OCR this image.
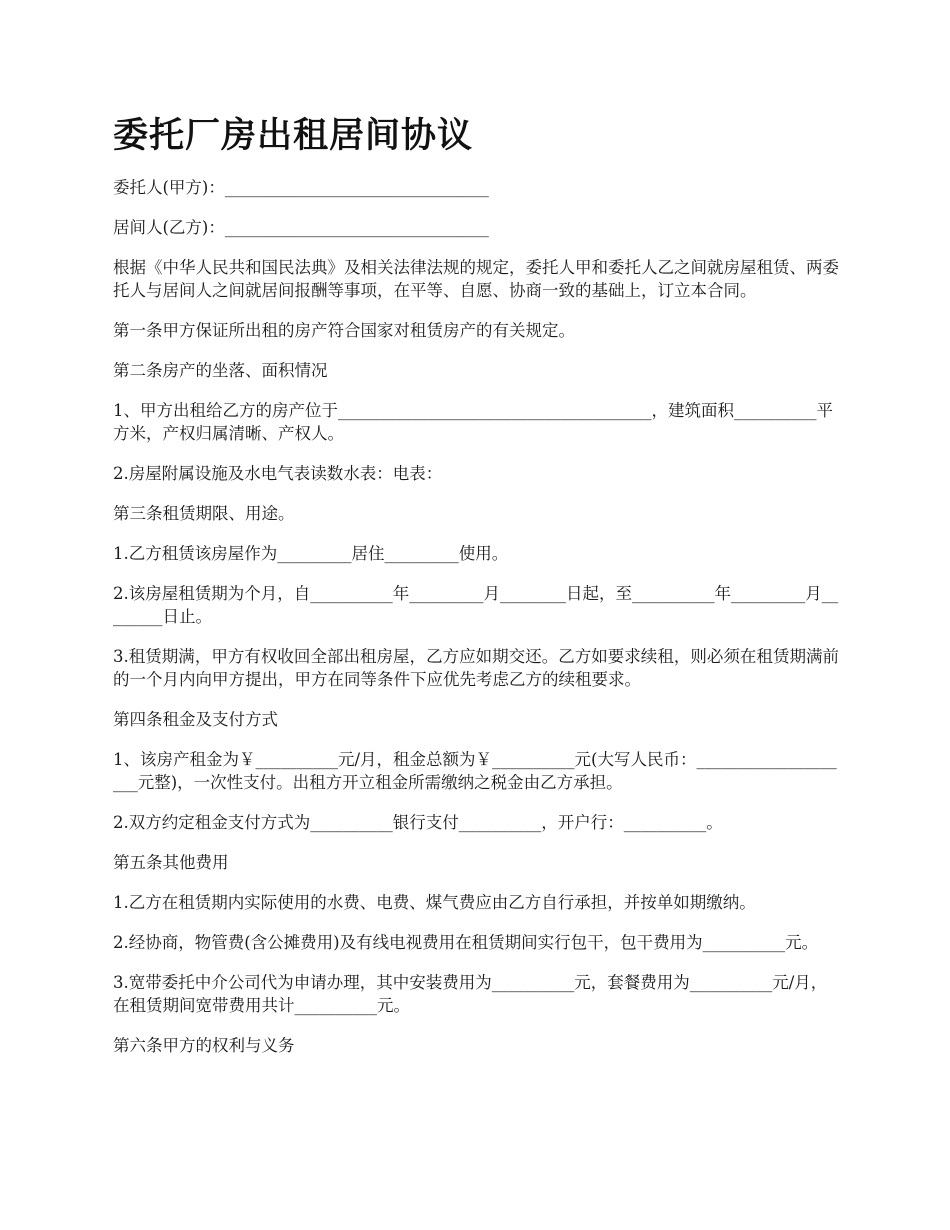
委托厂房出租居间协议

委托人(甲方)：________________________________

居间人(乙方)：________________________________

根据《中华人民共和国民法典》及相关法律法规的规定，委托人甲和委托人乙之间就房屋租赁、两委托人与居间人之间就居间报酬等事项，在平等、自愿、协商一致的基础上，订立本合同。

第一条甲方保证所出租的房产符合国家对租赁房产的有关规定。

第二条房产的坐落、面积情况

1、甲方出租给乙方的房产位于______________________________________，建筑面积__________平方米，产权归属清晰、产权人。

2.房屋附属设施及水电气表读数水表：电表：

第三条租赁期限、用途。

1.乙方租赁该房屋作为_________居住_________使用。

2.该房屋租赁期为个月，自__________年_________月________日起，至__________年_________月________日止。

3.租赁期满，甲方有权收回全部出租房屋，乙方应如期交还。乙方如要求续租，则必须在租赁期满前的一个月内向甲方提出，甲方在同等条件下应优先考虑乙方的续租要求。

第四条租金及支付方式

1、该房产租金为￥__________元/月，租金总额为￥__________元(大写人民币：____________________元整)，一次性支付。出租方开立租金所需缴纳之税金由乙方承担。

2.双方约定租金支付方式为__________银行支付__________，开户行：__________。

第五条其他费用

1.乙方在租赁期内实际使用的水费、电费、煤气费应由乙方自行承担，并按单如期缴纳。

2.经协商，物管费(含公摊费用)及有线电视费用在租赁期间实行包干，包干费用为__________元。

3.宽带委托中介公司代为申请办理，其中安装费用为__________元，套餐费用为__________元/月，在租赁期间宽带费用共计__________元。

第六条甲方的权利与义务
